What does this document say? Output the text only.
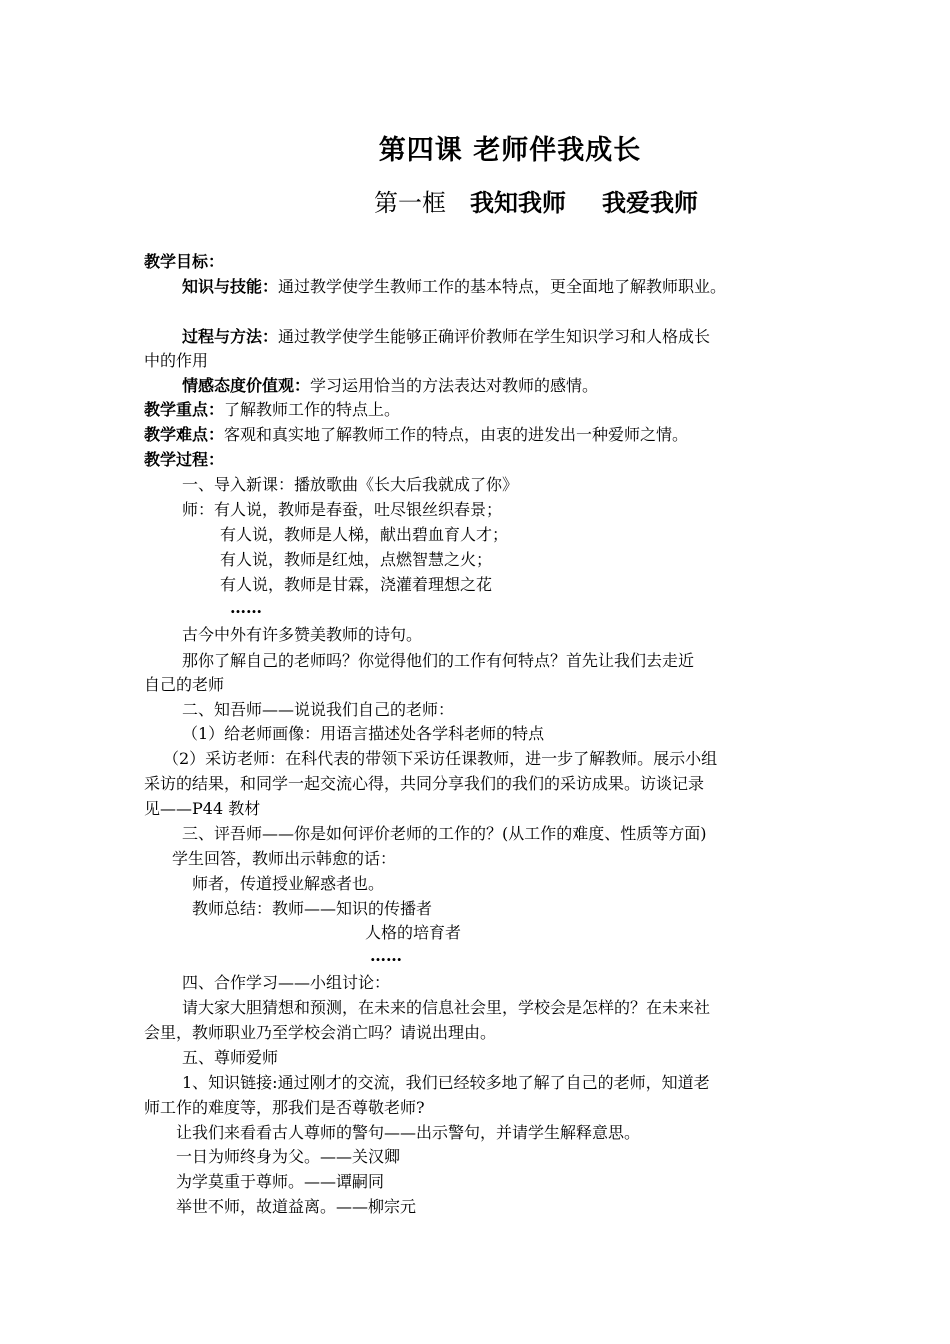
第四课 老师伴我成长
第一框 我知我师 我爱我师
教学目标：
知识与技能：通过教学使学生教师工作的基本特点，更全面地了解教师职业。
过程与方法：通过教学使学生能够正确评价教师在学生知识学习和人格成长
中的作用
情感态度价值观：学习运用恰当的方法表达对教师的感情。
教学重点：了解教师工作的特点上。
教学难点：客观和真实地了解教师工作的特点，由衷的进发出一种爱师之情。
教学过程：
一、导入新课：播放歌曲《长大后我就成了你》
师：有人说，教师是春蚕，吐尽银丝织春景；
有人说，教师是人梯，献出碧血育人才；
有人说，教师是红烛，点燃智慧之火；
有人说，教师是甘霖，浇灌着理想之花
……
古今中外有许多赞美教师的诗句。
那你了解自己的老师吗？你觉得他们的工作有何特点？首先让我们去走近
自己的老师
二、知吾师——说说我们自己的老师：
（1）给老师画像：用语言描述处各学科老师的特点
（2）采访老师：在科代表的带领下采访任课教师，进一步了解教师。展示小组
采访的结果，和同学一起交流心得，共同分享我们的我们的采访成果。访谈记录
见——P44 教材
三、评吾师——你是如何评价老师的工作的？(从工作的难度、性质等方面)
学生回答，教师出示韩愈的话：
师者，传道授业解惑者也。
教师总结：教师——知识的传播者
人格的培育者
……
四、合作学习——小组讨论：
请大家大胆猜想和预测，在未来的信息社会里，学校会是怎样的？在未来社
会里，教师职业乃至学校会消亡吗？请说出理由。
五、尊师爱师
1、知识链接:通过刚才的交流，我们已经较多地了解了自己的老师，知道老
师工作的难度等，那我们是否尊敬老师?
让我们来看看古人尊师的警句——出示警句，并请学生解释意思。
一日为师终身为父。——关汉卿
为学莫重于尊师。——谭嗣同
举世不师，故道益离。——柳宗元
